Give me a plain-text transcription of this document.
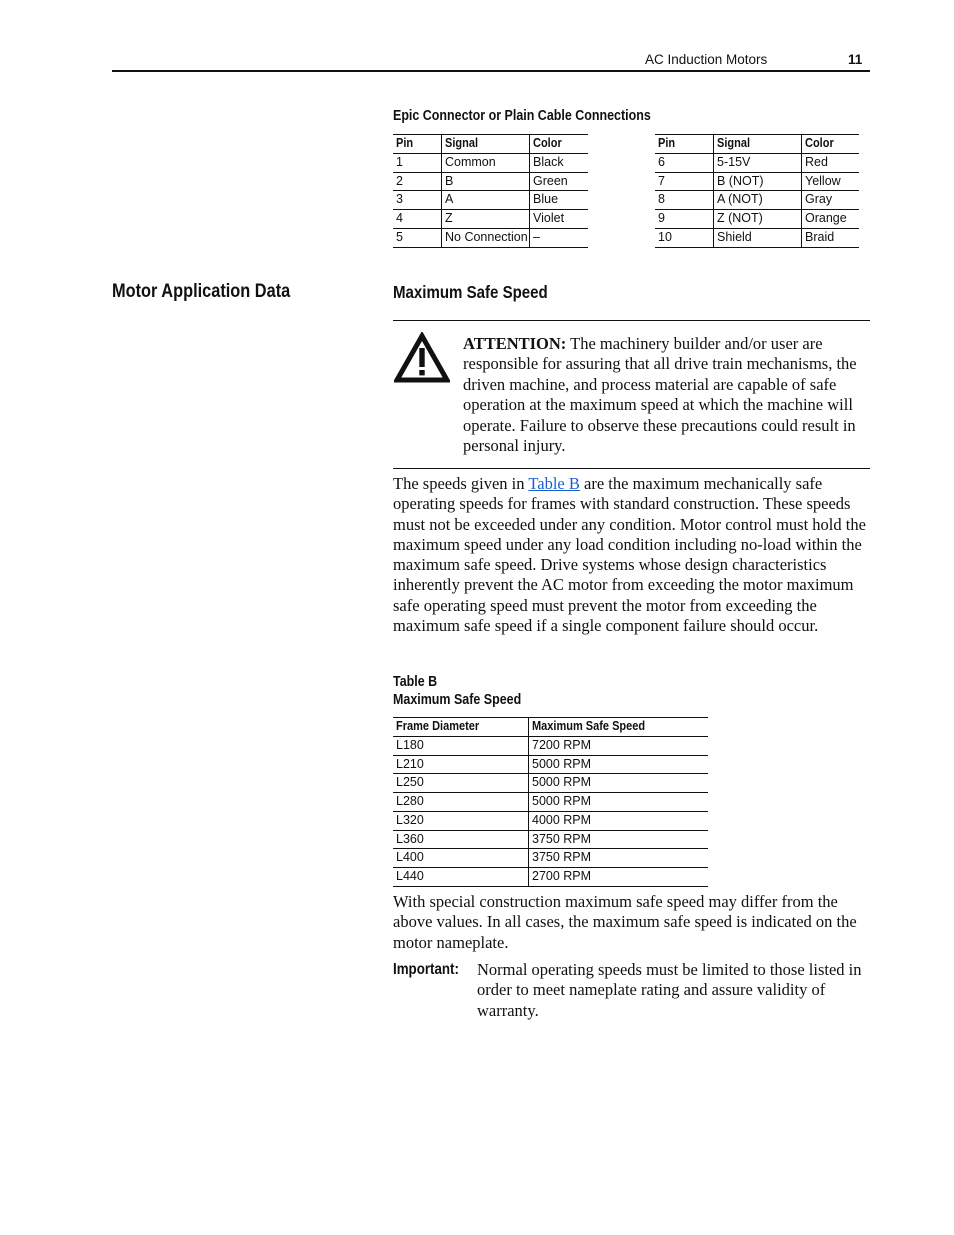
AC Induction Motors	11
Epic Connector or Plain Cable Connections
Pin	Signal	Color
1	Common	Black
2	B	Green
3	A	Blue
4	Z	Violet
5	No Connection	–
Pin	Signal	Color
6	5-15V	Red
7	B (NOT)	Yellow
8	A (NOT)	Gray
9	Z (NOT)	Orange
10	Shield	Braid
Motor Application Data	Maximum Safe Speed
ATTENTION: The machinery builder and/or user are responsible for assuring that all drive train mechanisms, the driven machine, and process material are capable of safe operation at the maximum speed at which the machine will operate. Failure to observe these precautions could result in personal injury.
The speeds given in Table B are the maximum mechanically safe operating speeds for frames with standard construction. These speeds must not be exceeded under any condition. Motor control must hold the maximum speed under any load condition including no-load within the maximum safe speed. Drive systems whose design characteristics inherently prevent the AC motor from exceeding the motor maximum safe operating speed must prevent the motor from exceeding the maximum safe speed if a single component failure should occur.
Table B
Maximum Safe Speed
Frame Diameter	Maximum Safe Speed
L180	7200 RPM
L210	5000 RPM
L250	5000 RPM
L280	5000 RPM
L320	4000 RPM
L360	3750 RPM
L400	3750 RPM
L440	2700 RPM
With special construction maximum safe speed may differ from the above values. In all cases, the maximum safe speed is indicated on the motor nameplate.
Important:	Normal operating speeds must be limited to those listed in order to meet nameplate rating and assure validity of warranty.
